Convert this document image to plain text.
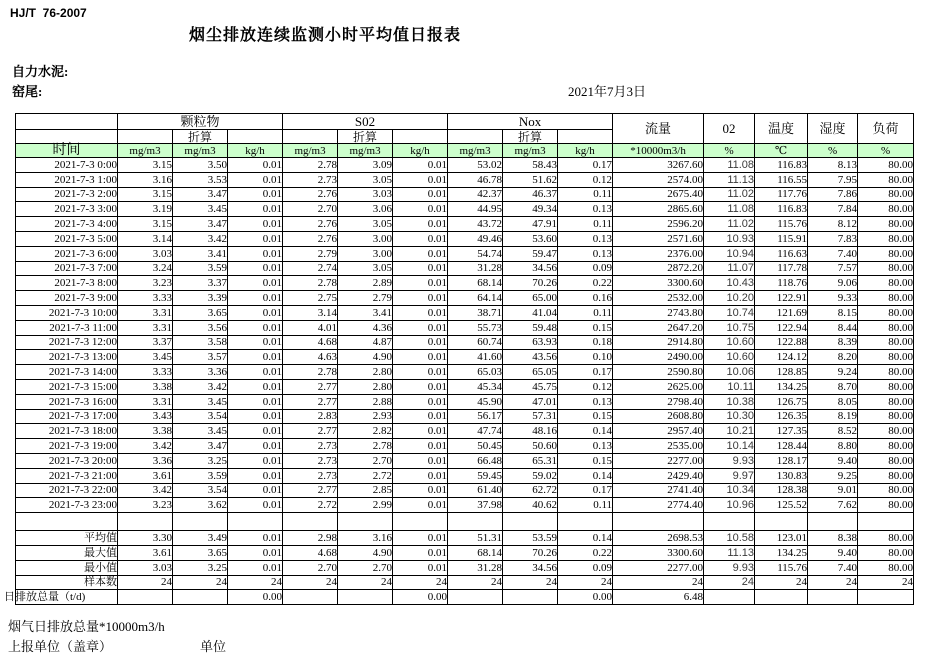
HJ/T  76-2007
烟尘排放连续监测小时平均值日报表
自力水泥:
窑尾:	2021年7月3日
	颗粒物			S02			Nox			流量	02	温度	湿度	负荷
		折算			折算			折算						
时间	mg/m3	mg/m3	kg/h	mg/m3	mg/m3	kg/h	mg/m3	mg/m3	kg/h	*10000m3/h	%	℃	%	%
2021-7-3 0:00	3.15	3.50	0.01	2.78	3.09	0.01	53.02	58.43	0.17	3267.60	11.08	116.83	8.13	80.00
2021-7-3 1:00	3.16	3.53	0.01	2.73	3.05	0.01	46.78	51.62	0.12	2574.00	11.13	116.55	7.95	80.00
2021-7-3 2:00	3.15	3.47	0.01	2.76	3.03	0.01	42.37	46.37	0.11	2675.40	11.02	117.76	7.86	80.00
2021-7-3 3:00	3.19	3.45	0.01	2.70	3.06	0.01	44.95	49.34	0.13	2865.60	11.08	116.83	7.84	80.00
2021-7-3 4:00	3.15	3.47	0.01	2.76	3.05	0.01	43.72	47.91	0.11	2596.20	11.02	115.76	8.12	80.00
2021-7-3 5:00	3.14	3.42	0.01	2.76	3.00	0.01	49.46	53.60	0.13	2571.60	10.93	115.91	7.83	80.00
2021-7-3 6:00	3.03	3.41	0.01	2.79	3.00	0.01	54.74	59.47	0.13	2376.00	10.94	116.63	7.40	80.00
2021-7-3 7:00	3.24	3.59	0.01	2.74	3.05	0.01	31.28	34.56	0.09	2872.20	11.07	117.78	7.57	80.00
2021-7-3 8:00	3.23	3.37	0.01	2.78	2.89	0.01	68.14	70.26	0.22	3300.60	10.43	118.76	9.06	80.00
2021-7-3 9:00	3.33	3.39	0.01	2.75	2.79	0.01	64.14	65.00	0.16	2532.00	10.20	122.91	9.33	80.00
2021-7-3 10:00	3.31	3.65	0.01	3.14	3.41	0.01	38.71	41.04	0.11	2743.80	10.74	121.69	8.15	80.00
2021-7-3 11:00	3.31	3.56	0.01	4.01	4.36	0.01	55.73	59.48	0.15	2647.20	10.75	122.94	8.44	80.00
2021-7-3 12:00	3.37	3.58	0.01	4.68	4.87	0.01	60.74	63.93	0.18	2914.80	10.60	122.88	8.39	80.00
2021-7-3 13:00	3.45	3.57	0.01	4.63	4.90	0.01	41.60	43.56	0.10	2490.00	10.60	124.12	8.20	80.00
2021-7-3 14:00	3.33	3.36	0.01	2.78	2.80	0.01	65.03	65.05	0.17	2590.80	10.06	128.85	9.24	80.00
2021-7-3 15:00	3.38	3.42	0.01	2.77	2.80	0.01	45.34	45.75	0.12	2625.00	10.11	134.25	8.70	80.00
2021-7-3 16:00	3.31	3.45	0.01	2.77	2.88	0.01	45.90	47.01	0.13	2798.40	10.38	126.75	8.05	80.00
2021-7-3 17:00	3.43	3.54	0.01	2.83	2.93	0.01	56.17	57.31	0.15	2608.80	10.30	126.35	8.19	80.00
2021-7-3 18:00	3.38	3.45	0.01	2.77	2.82	0.01	47.74	48.16	0.14	2957.40	10.21	127.35	8.52	80.00
2021-7-3 19:00	3.42	3.47	0.01	2.73	2.78	0.01	50.45	50.60	0.13	2535.00	10.14	128.44	8.80	80.00
2021-7-3 20:00	3.36	3.25	0.01	2.73	2.70	0.01	66.48	65.31	0.15	2277.00	9.93	128.17	9.40	80.00
2021-7-3 21:00	3.61	3.59	0.01	2.73	2.72	0.01	59.45	59.02	0.14	2429.40	9.97	130.83	9.25	80.00
2021-7-3 22:00	3.42	3.54	0.01	2.77	2.85	0.01	61.40	62.72	0.17	2741.40	10.34	128.38	9.01	80.00
2021-7-3 23:00	3.23	3.62	0.01	2.72	2.99	0.01	37.98	40.62	0.11	2774.40	10.96	125.52	7.62	80.00

平均值	3.30	3.49	0.01	2.98	3.16	0.01	51.31	53.59	0.14	2698.53	10.58	123.01	8.38	80.00
最大值	3.61	3.65	0.01	4.68	4.90	0.01	68.14	70.26	0.22	3300.60	11.13	134.25	9.40	80.00
最小值	3.03	3.25	0.01	2.70	2.70	0.01	31.28	34.56	0.09	2277.00	9.93	115.76	7.40	80.00
样本数	24	24	24	24	24	24	24	24	24	24	24	24	24	24
日排放总量（t/d)			0.00			0.00			0.00	6.48				
烟气日排放总量*10000m3/h
上报单位（盖章）	单位
